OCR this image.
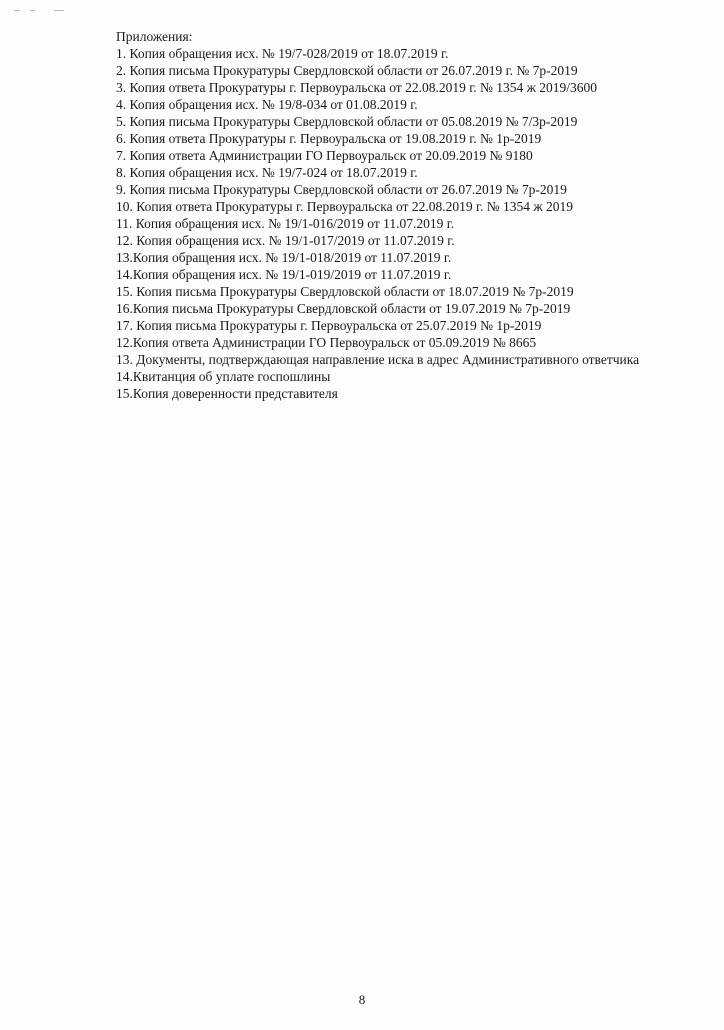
Приложения:

1. Копия обращения исх. № 19/7-028/2019 от 18.07.2019 г.
2. Копия письма Прокуратуры Свердловской области от 26.07.2019 г. № 7р-2019
3. Копия ответа Прокуратуры г. Первоуральска от 22.08.2019 г. № 1354 ж 2019/3600
4. Копия обращения исх. № 19/8-034 от 01.08.2019 г.
5. Копия письма Прокуратуры Свердловской области от 05.08.2019 № 7/3р-2019
6. Копия ответа Прокуратуры г. Первоуральска от 19.08.2019 г. № 1р-2019
7. Копия ответа Администрации ГО Первоуральск от 20.09.2019 № 9180
8. Копия обращения исх. № 19/7-024 от 18.07.2019 г.
9. Копия письма Прокуратуры Свердловской области от 26.07.2019 № 7р-2019
10. Копия ответа Прокуратуры г. Первоуральска от 22.08.2019 г. № 1354 ж 2019
11. Копия обращения исх. № 19/1-016/2019 от 11.07.2019 г.
12. Копия обращения исх. № 19/1-017/2019 от 11.07.2019 г.
13.Копия обращения исх. № 19/1-018/2019 от 11.07.2019 г.
14.Копия обращения исх. № 19/1-019/2019 от 11.07.2019 г.
15. Копия письма Прокуратуры Свердловской области от 18.07.2019 № 7р-2019
16.Копия письма Прокуратуры Свердловской области от 19.07.2019 № 7р-2019
17. Копия письма Прокуратуры г. Первоуральска от 25.07.2019 № 1р-2019
12.Копия ответа Администрации ГО Первоуральск от 05.09.2019 № 8665
13. Документы, подтверждающая направление иска в адрес Административного ответчика
14.Квитанция об уплате госпошлины
15.Копия доверенности представителя
8
